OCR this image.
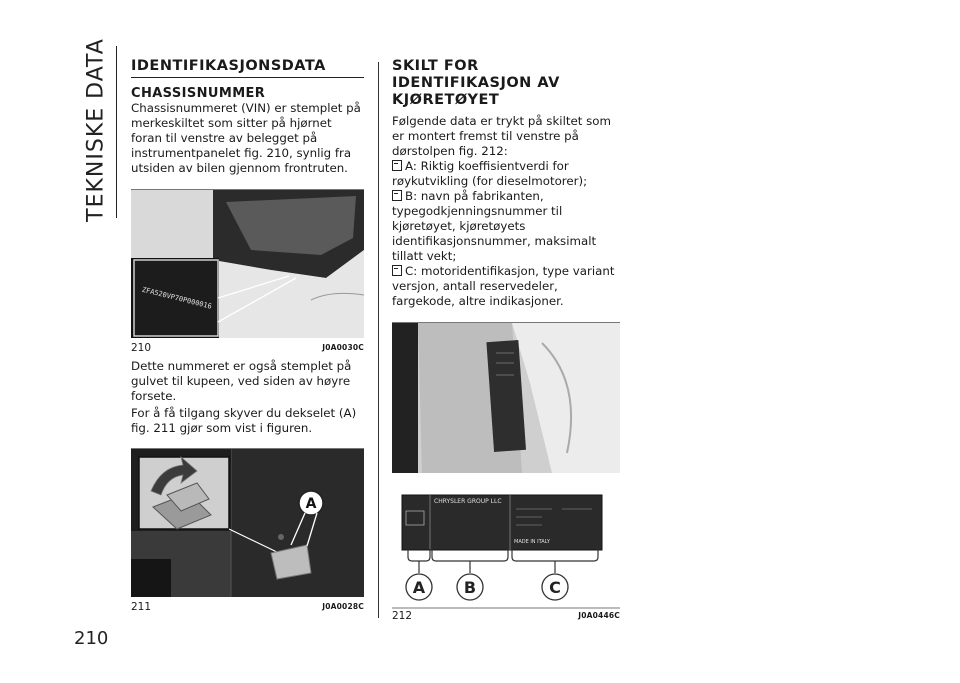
TEKNISKE DATA
210
IDENTIFIKASJONSDATA
CHASSISNUMMER

Chassisnummeret (VIN) er stemplet på merkeskiltet som sitter på hjørnet foran til venstre av belegget på instrumentpanelet fig. 210, synlig fra utsiden av bilen gjennom frontruten.

ZFA520VP70P000016
210	J0A0030C

Dette nummeret er også stemplet på gulvet til kupeen, ved siden av høyre forsete.

For å få tilgang skyver du dekselet (A) fig. 211 gjør som vist i figuren.

A
211	J0A0028C
SKILT FOR IDENTIFIKASJON AV KJØRETØYET

Følgende data er trykt på skiltet som er montert fremst til venstre på dørstolpen fig. 212:

A: Riktig koeffisientverdi for røykutvikling (for dieselmotorer);
B: navn på fabrikanten, typegodkjenningsnummer til kjøretøyet, kjøretøyets identifikasjonsnummer, maksimalt tillatt vekt;
C: motoridentifikasjon, type variant versjon, antall reservedeler, fargekode, altre indikasjoner.
CHRYSLER GROUP LLC
MADE IN ITALY
A B	C
212	J0A0446C
